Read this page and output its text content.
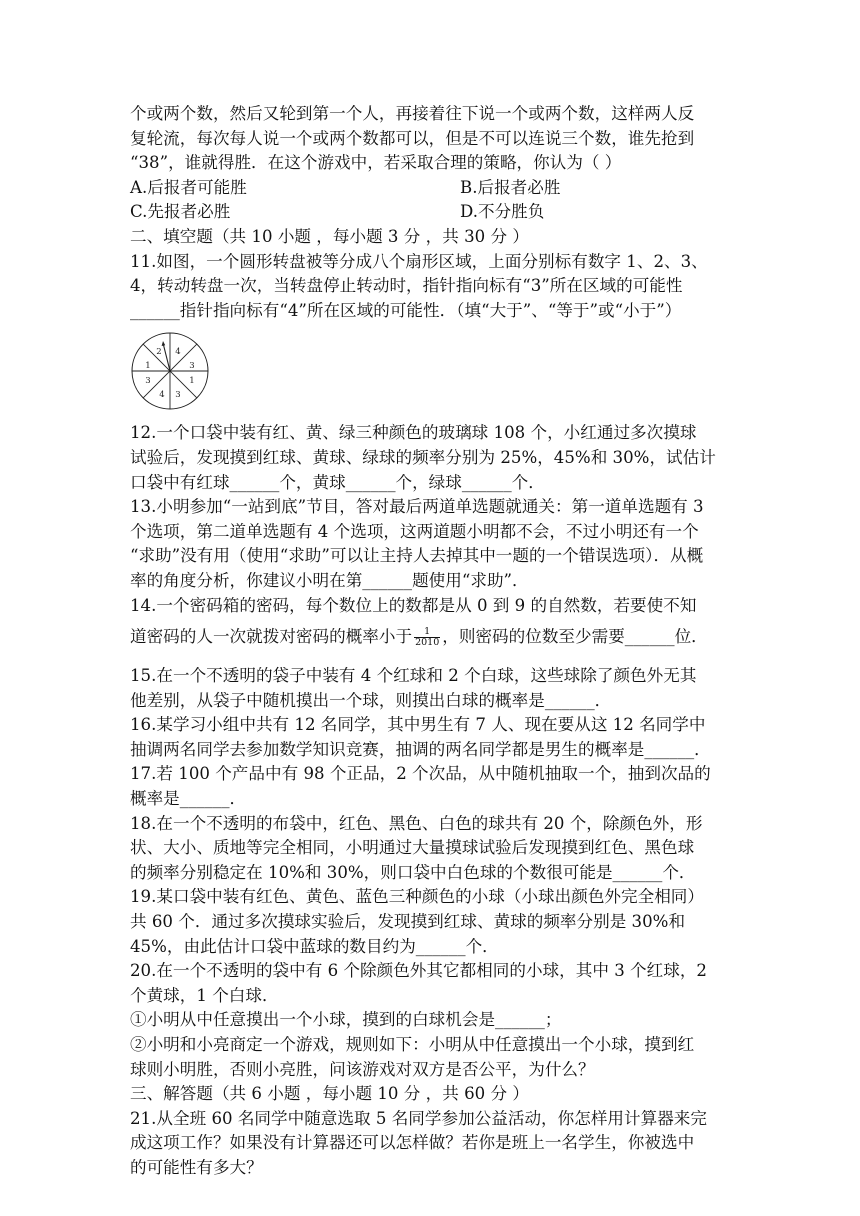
个或两个数，然后又轮到第一个人，再接着往下说一个或两个数，这样两人反
复轮流，每次每人说一个或两个数都可以，但是不可以连说三个数，谁先抢到
“38”，谁就得胜．在这个游戏中，若采取合理的策略，你认为（ ）
A.后报者可能胜	B.后报者必胜
C.先报者必胜	D.不分胜负
二、填空题（共 10 小题 ，每小题 3 分 ，共 30 分 ）
11.如图，一个圆形转盘被等分成八个扇形区域，上面分别标有数字 1、2、3、
4，转动转盘一次，当转盘停止转动时，指针指向标有“3”所在区域的可能性
______指针指向标有“4”所在区域的可能性．（填“大于”、“等于”或“小于”）
4
3
1
3
4
3
1
2
12.一个口袋中装有红、黄、绿三种颜色的玻璃球 108 个，小红通过多次摸球
试验后，发现摸到红球、黄球、绿球的频率分别为 25%，45%和 30%，试估计
口袋中有红球______个，黄球______个，绿球______个．
13.小明参加“一站到底”节目，答对最后两道单选题就通关：第一道单选题有 3
个选项，第二道单选题有 4 个选项，这两道题小明都不会，不过小明还有一个
“求助”没有用（使用“求助”可以让主持人去掉其中一题的一个错误选项）．从概
率的角度分析，你建议小明在第______题使用“求助”．
14.一个密码箱的密码，每个数位上的数都是从 0 到 9 的自然数，若要使不知
道密码的人一次就拨对密码的概率小于 $\frac{1}{2010}$ ，则密码的位数至少需要______位．
15.在一个不透明的袋子中装有 4 个红球和 2 个白球，这些球除了颜色外无其
他差别，从袋子中随机摸出一个球，则摸出白球的概率是______．
16.某学习小组中共有 12 名同学，其中男生有 7 人、现在要从这 12 名同学中
抽调两名同学去参加数学知识竞赛，抽调的两名同学都是男生的概率是______．
17.若 100 个产品中有 98 个正品，2 个次品，从中随机抽取一个，抽到次品的
概率是______．
18.在一个不透明的布袋中，红色、黑色、白色的球共有 20 个，除颜色外，形
状、大小、质地等完全相同，小明通过大量摸球试验后发现摸到红色、黑色球
的频率分别稳定在 10%和 30%，则口袋中白色球的个数很可能是______个．
19.某口袋中装有红色、黄色、蓝色三种颜色的小球（小球出颜色外完全相同）
共 60 个．通过多次摸球实验后，发现摸到红球、黄球的频率分别是 30%和
45%，由此估计口袋中蓝球的数目约为______个．
20.在一个不透明的袋中有 6 个除颜色外其它都相同的小球，其中 3 个红球，2
个黄球，1 个白球．
①小明从中任意摸出一个小球，摸到的白球机会是______；
②小明和小亮商定一个游戏，规则如下：小明从中任意摸出一个小球，摸到红
球则小明胜，否则小亮胜，问该游戏对双方是否公平，为什么？
三、解答题（共 6 小题 ，每小题 10 分 ，共 60 分 ）
21.从全班 60 名同学中随意选取 5 名同学参加公益活动，你怎样用计算器来完
成这项工作？如果没有计算器还可以怎样做？若你是班上一名学生，你被选中
的可能性有多大？
